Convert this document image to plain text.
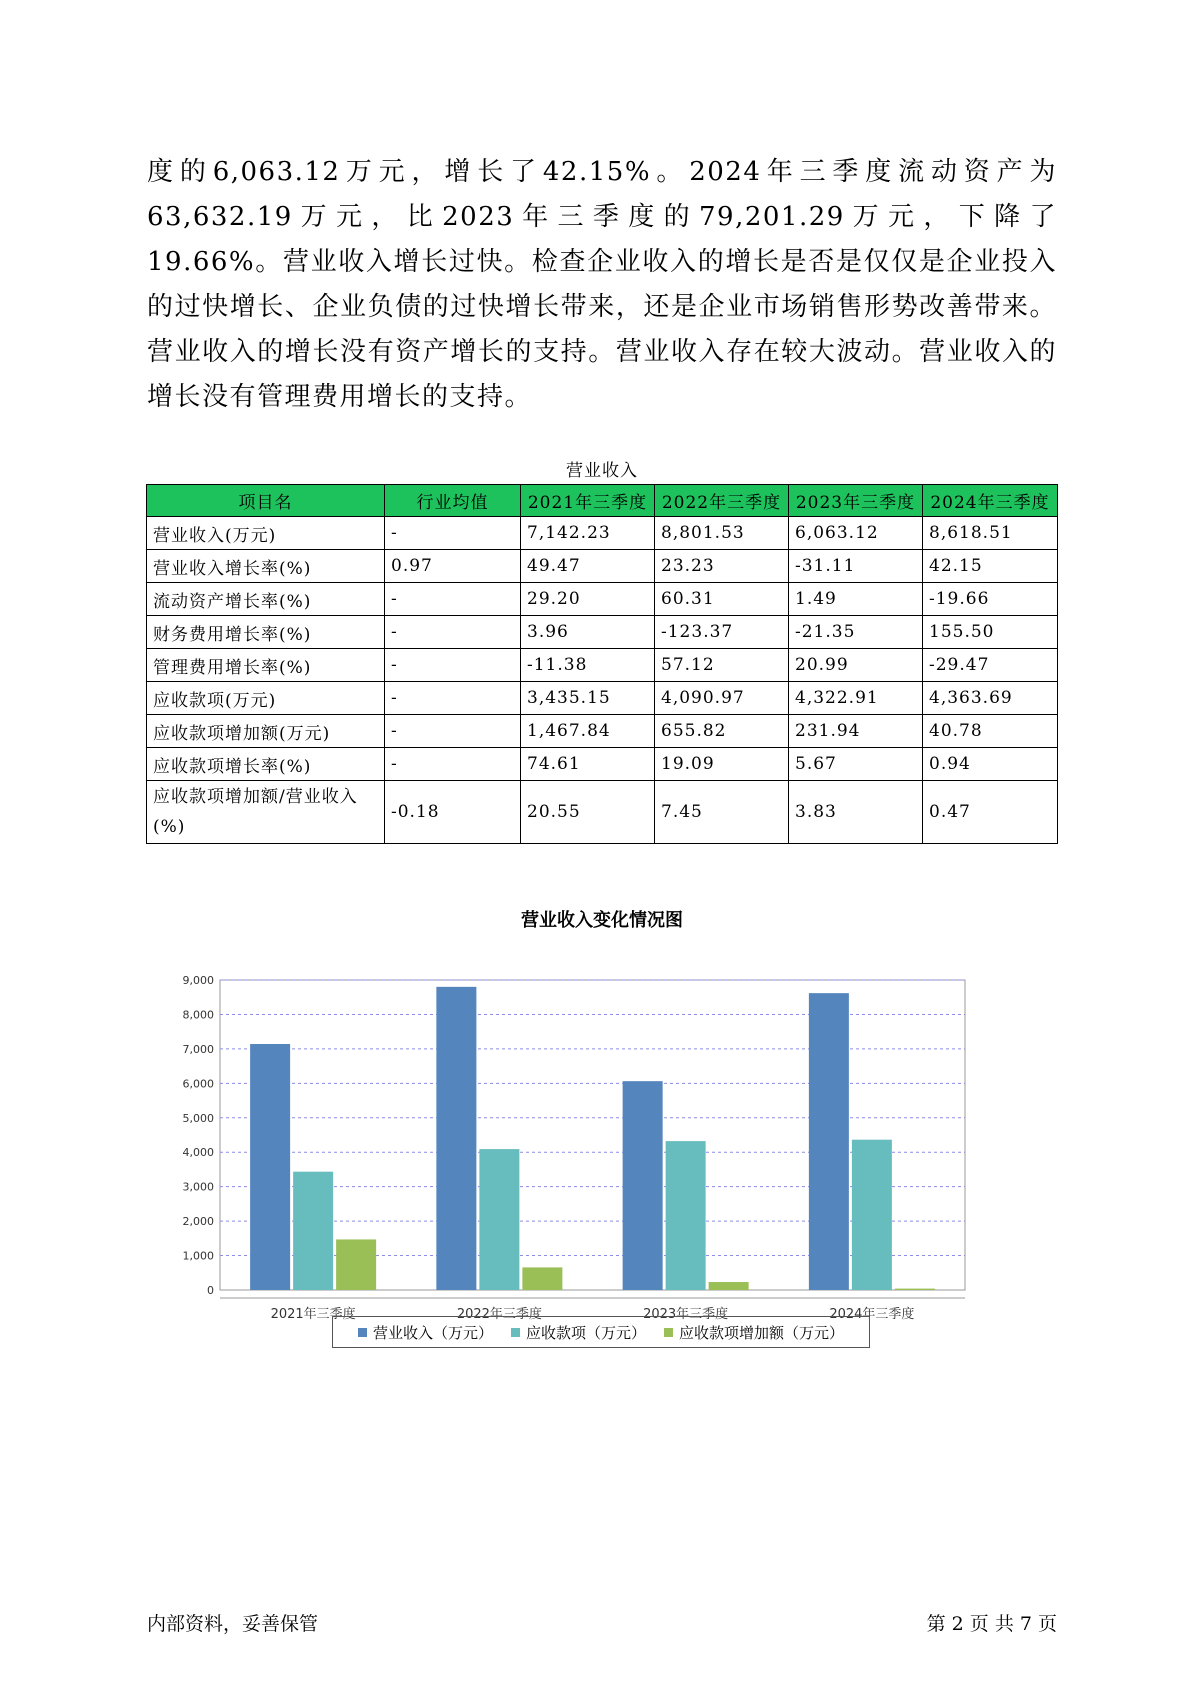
度的6,063.12万元，增长了42.15%。2024年三季度流动资产为63,632.19万元，比2023年三季度的79,201.29万元，下降了19.66%。营业收入增长过快。检查企业收入的增长是否是仅仅是企业投入的过快增长、企业负债的过快增长带来，还是企业市场销售形势改善带来。营业收入的增长没有资产增长的支持。营业收入存在较大波动。营业收入的增长没有管理费用增长的支持。

营业收入
项目名	行业均值	2021年三季度	2022年三季度	2023年三季度	2024年三季度
营业收入(万元)	-	7,142.23	8,801.53	6,063.12	8,618.51
营业收入增长率(%)	0.97	49.47	23.23	-31.11	42.15
流动资产增长率(%)	-	29.20	60.31	1.49	-19.66
财务费用增长率(%)	-	3.96	-123.37	-21.35	155.50
管理费用增长率(%)	-	-11.38	57.12	20.99	-29.47
应收款项(万元)	-	3,435.15	4,090.97	4,322.91	4,363.69
应收款项增加额(万元)	-	1,467.84	655.82	231.94	40.78
应收款项增长率(%)	-	74.61	19.09	5.67	0.94
应收款项增加额/营业收入(%)	-0.18	20.55	7.45	3.83	0.47
营业收入变化情况图
0
1,000
2,000
3,000
4,000
5,000
6,000
7,000
8,000
9,000
2021年三季度	2022年三季度	2023年三季度	2024年三季度
营业收入（万元） 应收款项（万元） 应收款项增加额（万元）
内部资料，妥善保管	第 2 页 共 7 页
